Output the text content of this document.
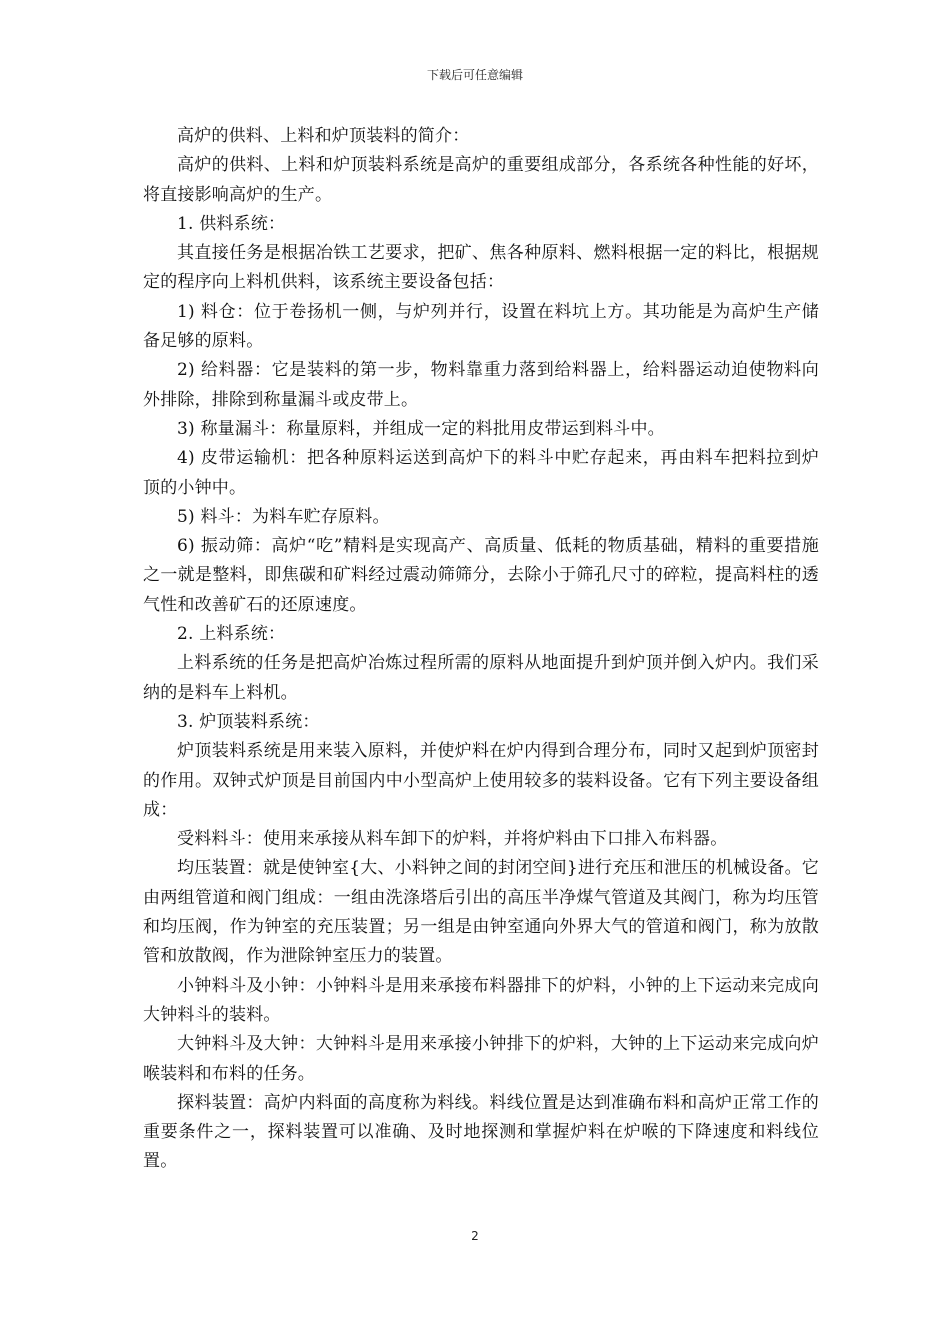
下载后可任意编辑

高炉的供料、上料和炉顶装料的简介：

高炉的供料、上料和炉顶装料系统是高炉的重要组成部分，各系统各种性能的好坏，将直接影响高炉的生产。

1. 供料系统：

其直接任务是根据冶铁工艺要求，把矿、焦各种原料、燃料根据一定的料比，根据规定的程序向上料机供料，该系统主要设备包括：

1) 料仓：位于卷扬机一侧，与炉列并行，设置在料坑上方。其功能是为高炉生产储备足够的原料。

2) 给料器：它是装料的第一步，物料靠重力落到给料器上，给料器运动迫使物料向外排除，排除到称量漏斗或皮带上。

3) 称量漏斗：称量原料，并组成一定的料批用皮带运到料斗中。

4) 皮带运输机：把各种原料运送到高炉下的料斗中贮存起来，再由料车把料拉到炉顶的小钟中。

5) 料斗：为料车贮存原料。

6) 振动筛：高炉“吃”精料是实现高产、高质量、低耗的物质基础，精料的重要措施之一就是整料，即焦碳和矿料经过震动筛筛分，去除小于筛孔尺寸的碎粒，提高料柱的透气性和改善矿石的还原速度。

2. 上料系统：

上料系统的任务是把高炉冶炼过程所需的原料从地面提升到炉顶并倒入炉内。我们采纳的是料车上料机。

3. 炉顶装料系统：

炉顶装料系统是用来装入原料，并使炉料在炉内得到合理分布，同时又起到炉顶密封的作用。双钟式炉顶是目前国内中小型高炉上使用较多的装料设备。它有下列主要设备组成：

受料料斗：使用来承接从料车卸下的炉料，并将炉料由下口排入布料器。

均压装置：就是使钟室{大、小料钟之间的封闭空间}进行充压和泄压的机械设备。它由两组管道和阀门组成：一组由洗涤塔后引出的高压半净煤气管道及其阀门，称为均压管和均压阀，作为钟室的充压装置；另一组是由钟室通向外界大气的管道和阀门，称为放散管和放散阀，作为泄除钟室压力的装置。

小钟料斗及小钟：小钟料斗是用来承接布料器排下的炉料，小钟的上下运动来完成向大钟料斗的装料。

大钟料斗及大钟：大钟料斗是用来承接小钟排下的炉料，大钟的上下运动来完成向炉喉装料和布料的任务。

探料装置：高炉内料面的高度称为料线。料线位置是达到准确布料和高炉正常工作的重要条件之一，探料装置可以准确、及时地探测和掌握炉料在炉喉的下降速度和料线位置。

2
